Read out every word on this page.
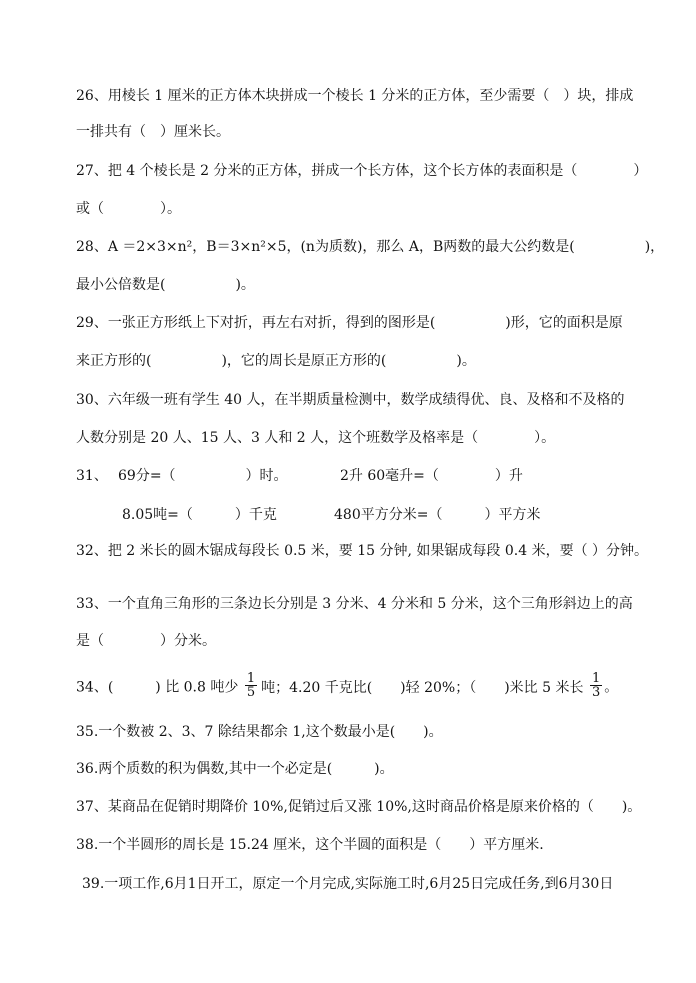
26、用棱长 1 厘米的正方体木块拼成一个棱长 1 分米的正方体，至少需要（　）块，排成
一排共有（　）厘米长。
27、把 4 个棱长是 2 分米的正方体，拼成一个长方体，这个长方体的表面积是（　　　　）
或（　　　　）。
28、A ＝2×3×n²，B＝3×n²×5，(n为质数)，那么 A，B两数的最大公约数是(　　　　　)，
最小公倍数是(　　　　　)。
29、一张正方形纸上下对折，再左右对折，得到的图形是(　　　　　)形，它的面积是原
来正方形的(　　　　　)，它的周长是原正方形的(　　　　　)。
30、六年级一班有学生 40 人，在半期质量检测中，数学成绩得优、良、及格和不及格的
人数分别是 20 人、15 人、3 人和 2 人，这个班数学及格率是（　　　　）。
31、 69分=（　　　　　）时。	2升 60毫升=（　　　　）升
8.05吨=（　　　）千克	480平方分米=（　　　）平方米
32、把 2 米长的圆木锯成每段长 0.5 米，要 15 分钟, 如果锯成每段 0.4 米，要（ ）分钟。
33、一个直角三角形的三条边长分别是 3 分米、4 分米和 5 分米，这个三角形斜边上的高
是（　　　　）分米。
34、(　　　) 比 0.8 吨少 $\frac{1}{5}$ 吨；4.20 千克比(　　)轻 20%；（　　)米比 5 米长 $\frac{1}{3}$ 。
35.一个数被 2、3、7 除结果都余 1,这个数最小是(　　)。
36.两个质数的积为偶数,其中一个必定是(　　　)。
37、某商品在促销时期降价 10%,促销过后又涨 10%,这时商品价格是原来价格的（　　)。
38.一个半圆形的周长是 15.24 厘米，这个半圆的面积是（　　）平方厘米.
39.一项工作,6月1日开工，原定一个月完成,实际施工时,6月25日完成任务,到6月30日
